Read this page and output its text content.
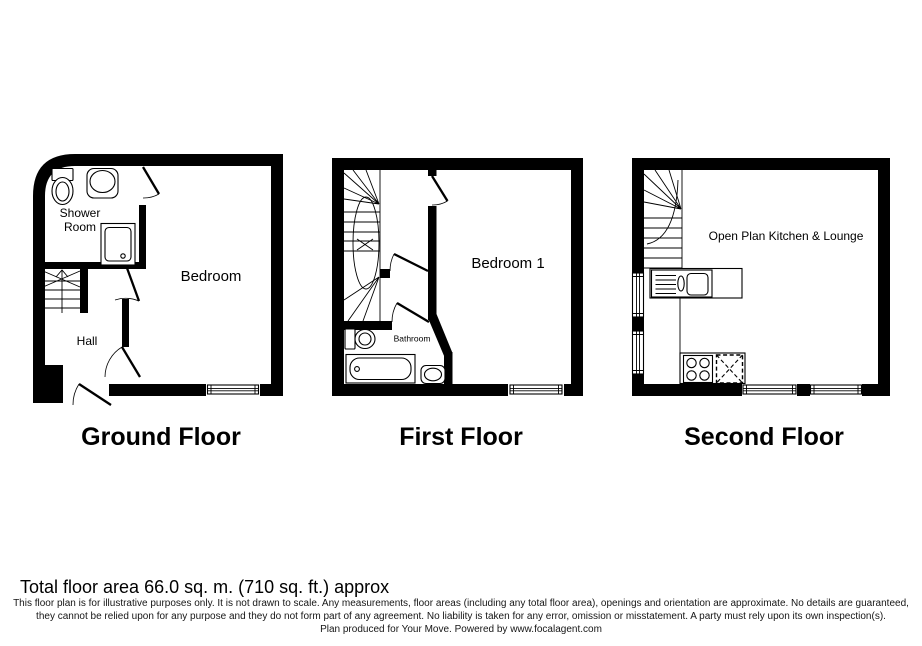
Shower
Room
Bedroom
Hall
Ground Floor
Bedroom 1
Bathroom
First Floor
Open Plan Kitchen & Lounge
Second Floor
Total floor area 66.0 sq. m. (710 sq. ft.) approx
This floor plan is for illustrative purposes only. It is not drawn to scale. Any measurements, floor areas (including any total floor area), openings and orientation are approximate. No details are guaranteed,
they cannot be relied upon for any purpose and they do not form part of any agreement. No liability is taken for any error, omission or misstatement. A party must rely upon its own inspection(s).
Plan produced for Your Move. Powered by www.focalagent.com
